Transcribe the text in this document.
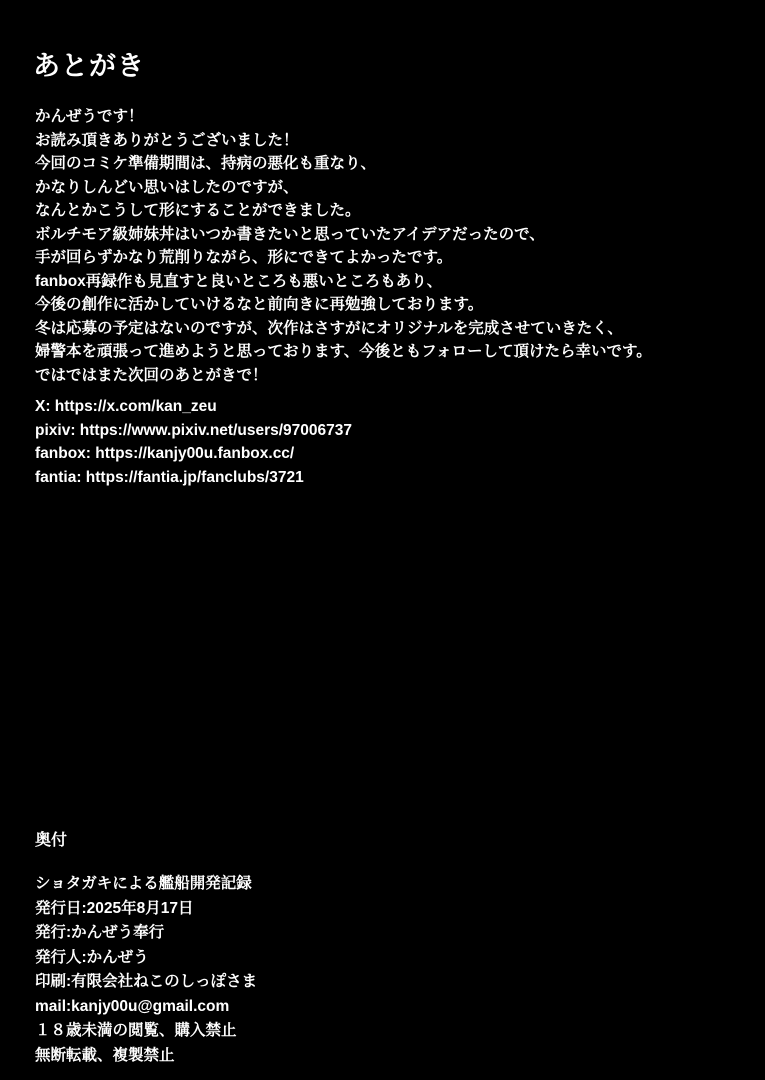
あとがき
かんぜうです！
お読み頂きありがとうございました！
今回のコミケ準備期間は、持病の悪化も重なり、
かなりしんどい思いはしたのですが、
なんとかこうして形にすることができました。
ボルチモア級姉妹丼はいつか書きたいと思っていたアイデアだったので、
手が回らずかなり荒削りながら、形にできてよかったです。
fanbox再録作も見直すと良いところも悪いところもあり、
今後の創作に活かしていけるなと前向きに再勉強しております。
冬は応募の予定はないのですが、次作はさすがにオリジナルを完成させていきたく、
婦警本を頑張って進めようと思っております、今後ともフォローして頂けたら幸いです。
ではではまた次回のあとがきで！
X: https://x.com/kan_zeu
pixiv: https://www.pixiv.net/users/97006737
fanbox: https://kanjy00u.fanbox.cc/
fantia: https://fantia.jp/fanclubs/3721
奥付
ショタガキによる艦船開発記録
発行日:2025年8月17日
発行:かんぜう奉行
発行人:かんぜう
印刷:有限会社ねこのしっぽさま
mail:kanjy00u@gmail.com
１８歳未満の閲覧、購入禁止
無断転載、複製禁止
